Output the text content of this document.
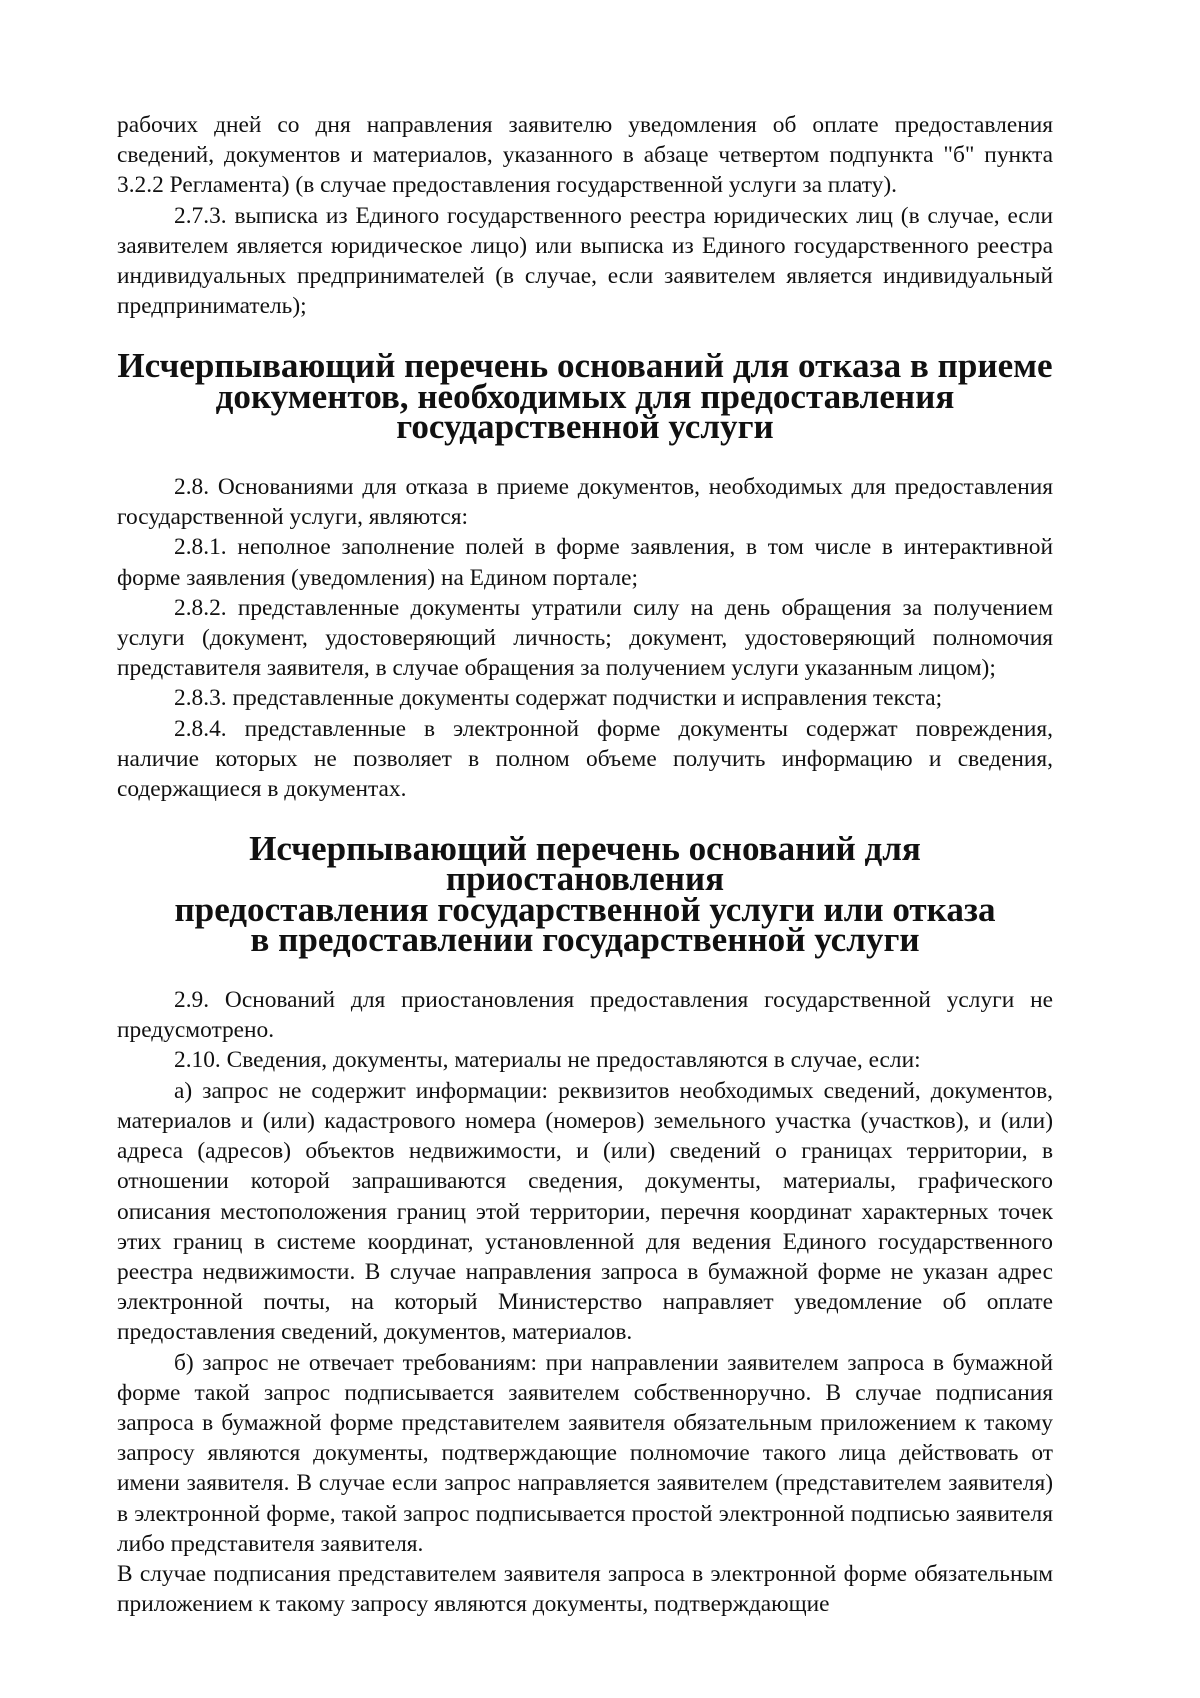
рабочих дней со дня направления заявителю уведомления об оплате предоставления сведений, документов и материалов, указанного в абзаце четвертом подпункта "б" пункта 3.2.2 Регламента) (в случае предоставления государственной услуги за плату).

2.7.3. выписка из Единого государственного реестра юридических лиц (в случае, если заявителем является юридическое лицо) или выписка из Единого государственного реестра индивидуальных предпринимателей (в случае, если заявителем является индивидуальный предприниматель);

Исчерпывающий перечень оснований для отказа в приеме
документов, необходимых для предоставления
государственной услуги

2.8. Основаниями для отказа в приеме документов, необходимых для предоставления государственной услуги, являются:

2.8.1. неполное заполнение полей в форме заявления, в том числе в интерактивной форме заявления (уведомления) на Едином портале;

2.8.2. представленные документы утратили силу на день обращения за получением услуги (документ, удостоверяющий личность; документ, удостоверяющий полномочия представителя заявителя, в случае обращения за получением услуги указанным лицом);

2.8.3. представленные документы содержат подчистки и исправления текста;

2.8.4. представленные в электронной форме документы содержат повреждения, наличие которых не позволяет в полном объеме получить информацию и сведения, содержащиеся в документах.

Исчерпывающий перечень оснований для приостановления
предоставления государственной услуги или отказа
в предоставлении государственной услуги

2.9. Оснований для приостановления предоставления государственной услуги не предусмотрено.

2.10. Сведения, документы, материалы не предоставляются в случае, если:

а) запрос не содержит информации: реквизитов необходимых сведений, документов, материалов и (или) кадастрового номера (номеров) земельного участка (участков), и (или) адреса (адресов) объектов недвижимости, и (или) сведений о границах территории, в отношении которой запрашиваются сведения, документы, материалы, графического описания местоположения границ этой территории, перечня координат характерных точек этих границ в системе координат, установленной для ведения Единого государственного реестра недвижимости. В случае направления запроса в бумажной форме не указан адрес электронной почты, на который Министерство направляет уведомление об оплате предоставления сведений, документов, материалов.

б) запрос не отвечает требованиям: при направлении заявителем запроса в бумажной форме такой запрос подписывается заявителем собственноручно. В случае подписания запроса в бумажной форме представителем заявителя обязательным приложением к такому запросу являются документы, подтверждающие полномочие такого лица действовать от имени заявителя. В случае если запрос направляется заявителем (представителем заявителя) в электронной форме, такой запрос подписывается простой электронной подписью заявителя либо представителя заявителя.

В случае подписания представителем заявителя запроса в электронной форме обязательным приложением к такому запросу являются документы, подтверждающие
